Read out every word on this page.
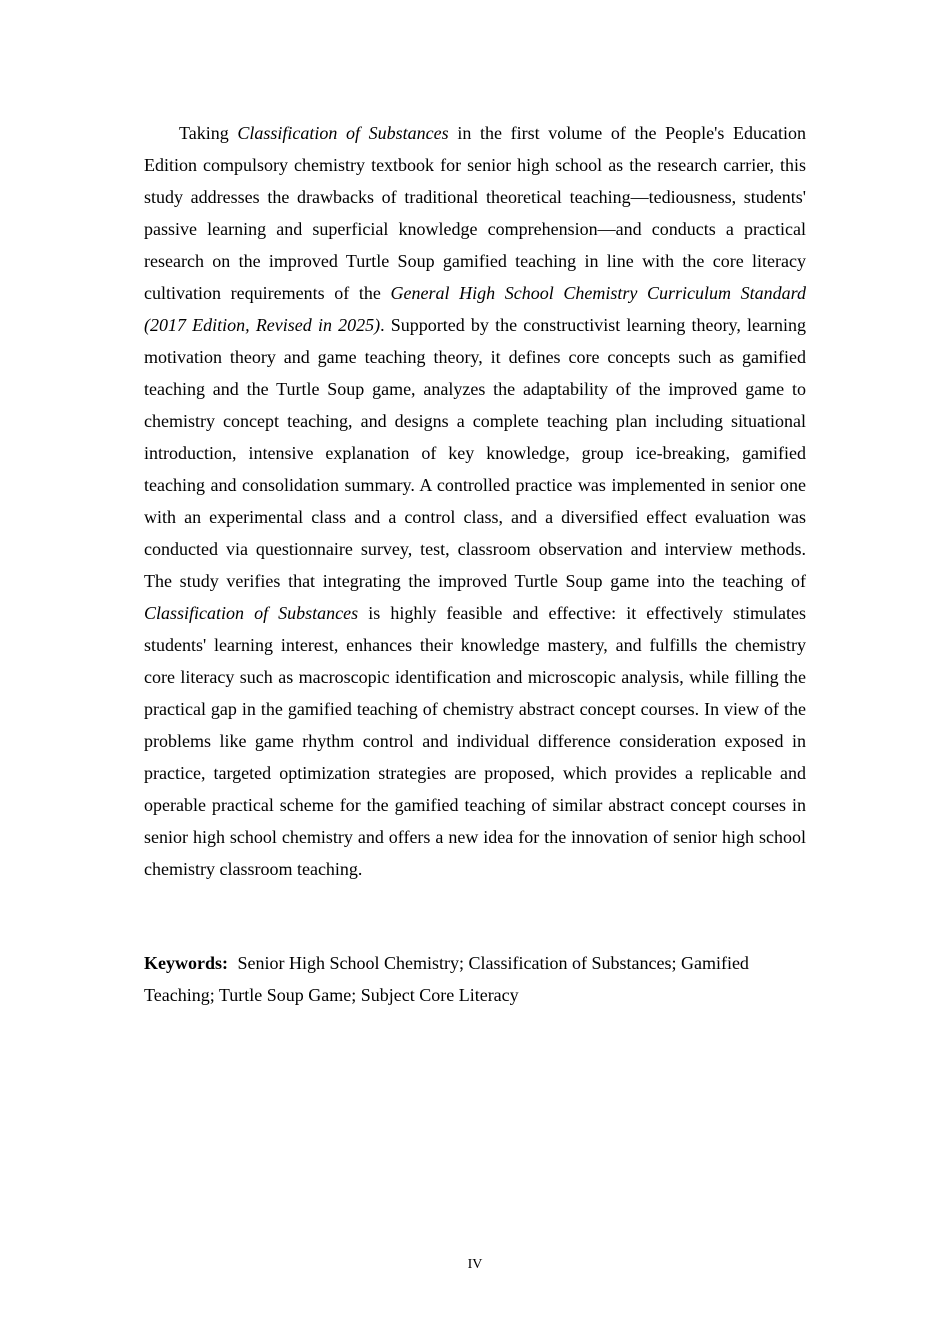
Taking Classification of Substances in the first volume of the People's Education Edition compulsory chemistry textbook for senior high school as the research carrier, this study addresses the drawbacks of traditional theoretical teaching—tediousness, students' passive learning and superficial knowledge comprehension—and conducts a practical research on the improved Turtle Soup gamified teaching in line with the core literacy cultivation requirements of the General High School Chemistry Curriculum Standard (2017 Edition, Revised in 2025). Supported by the constructivist learning theory, learning motivation theory and game teaching theory, it defines core concepts such as gamified teaching and the Turtle Soup game, analyzes the adaptability of the improved game to chemistry concept teaching, and designs a complete teaching plan including situational introduction, intensive explanation of key knowledge, group ice-breaking, gamified teaching and consolidation summary. A controlled practice was implemented in senior one with an experimental class and a control class, and a diversified effect evaluation was conducted via questionnaire survey, test, classroom observation and interview methods. The study verifies that integrating the improved Turtle Soup game into the teaching of Classification of Substances is highly feasible and effective: it effectively stimulates students' learning interest, enhances their knowledge mastery, and fulfills the chemistry core literacy such as macroscopic identification and microscopic analysis, while filling the practical gap in the gamified teaching of chemistry abstract concept courses. In view of the problems like game rhythm control and individual difference consideration exposed in practice, targeted optimization strategies are proposed, which provides a replicable and operable practical scheme for the gamified teaching of similar abstract concept courses in senior high school chemistry and offers a new idea for the innovation of senior high school chemistry classroom teaching.

Keywords: Senior High School Chemistry; Classification of Substances; Gamified Teaching; Turtle Soup Game; Subject Core Literacy

IV
